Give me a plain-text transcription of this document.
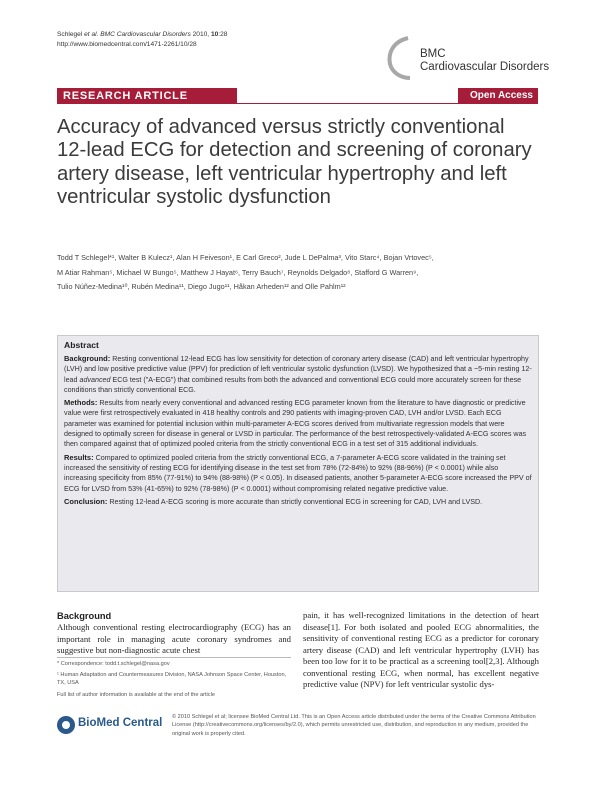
Schlegel et al. BMC Cardiovascular Disorders 2010, 10:28
http://www.biomedcentral.com/1471-2261/10/28
BMC
Cardiovascular Disorders
RESEARCH ARTICLE	Open Access
Accuracy of advanced versus strictly conventional 12-lead ECG for detection and screening of coronary artery disease, left ventricular hypertrophy and left ventricular systolic dysfunction
Todd T Schlegel*¹, Walter B Kulecz¹, Alan H Feiveson¹, E Carl Greco², Jude L DePalma³, Vito Starc⁴, Bojan Vrtovec⁵,
M Atiar Rahman⁵, Michael W Bungo⁵, Matthew J Hayat⁶, Terry Bauch⁷, Reynolds Delgado⁸, Stafford G Warren⁹,
Tulio Núñez-Medina¹⁰, Rubén Medina¹¹, Diego Jugo¹¹, Håkan Arheden¹² and Olle Pahlm¹²
Abstract

Background: Resting conventional 12-lead ECG has low sensitivity for detection of coronary artery disease (CAD) and left ventricular hypertrophy (LVH) and low positive predictive value (PPV) for prediction of left ventricular systolic dysfunction (LVSD). We hypothesized that a ~5-min resting 12-lead advanced ECG test ("A-ECG") that combined results from both the advanced and conventional ECG could more accurately screen for these conditions than strictly conventional ECG.

Methods: Results from nearly every conventional and advanced resting ECG parameter known from the literature to have diagnostic or predictive value were first retrospectively evaluated in 418 healthy controls and 290 patients with imaging-proven CAD, LVH and/or LVSD. Each ECG parameter was examined for potential inclusion within multi-parameter A-ECG scores derived from multivariate regression models that were designed to optimally screen for disease in general or LVSD in particular. The performance of the best retrospectively-validated A-ECG scores was then compared against that of optimized pooled criteria from the strictly conventional ECG in a test set of 315 additional individuals.

Results: Compared to optimized pooled criteria from the strictly conventional ECG, a 7-parameter A-ECG score validated in the training set increased the sensitivity of resting ECG for identifying disease in the test set from 78% (72-84%) to 92% (88-96%) (P < 0.0001) while also increasing specificity from 85% (77-91%) to 94% (88-98%) (P < 0.05). In diseased patients, another 5-parameter A-ECG score increased the PPV of ECG for LVSD from 53% (41-65%) to 92% (78-98%) (P < 0.0001) without compromising related negative predictive value.

Conclusion: Resting 12-lead A-ECG scoring is more accurate than strictly conventional ECG in screening for CAD, LVH and LVSD.

Background

Although conventional resting electrocardiography (ECG) has an important role in managing acute coronary syndromes and suggestive but non-diagnostic acute chest

pain, it has well-recognized limitations in the detection of heart disease[1]. For both isolated and pooled ECG abnormalities, the sensitivity of conventional resting ECG as a predictor for coronary artery disease (CAD) and left ventricular hypertrophy (LVH) has been too low for it to be practical as a screening tool[2,3]. Although conventional resting ECG, when normal, has excellent negative predictive value (NPV) for left ventricular systolic dys-

* Correspondence: todd.t.schlegel@nasa.gov
¹ Human Adaptation and Countermeasures Division, NASA Johnson Space Center, Houston, TX, USA
Full list of author information is available at the end of the article
BioMed Central © 2010 Schlegel et al; licensee BioMed Central Ltd. This is an Open Access article distributed under the terms of the Creative Commons Attribution License (http://creativecommons.org/licenses/by/2.0), which permits unrestricted use, distribution, and reproduction in any medium, provided the original work is properly cited.
